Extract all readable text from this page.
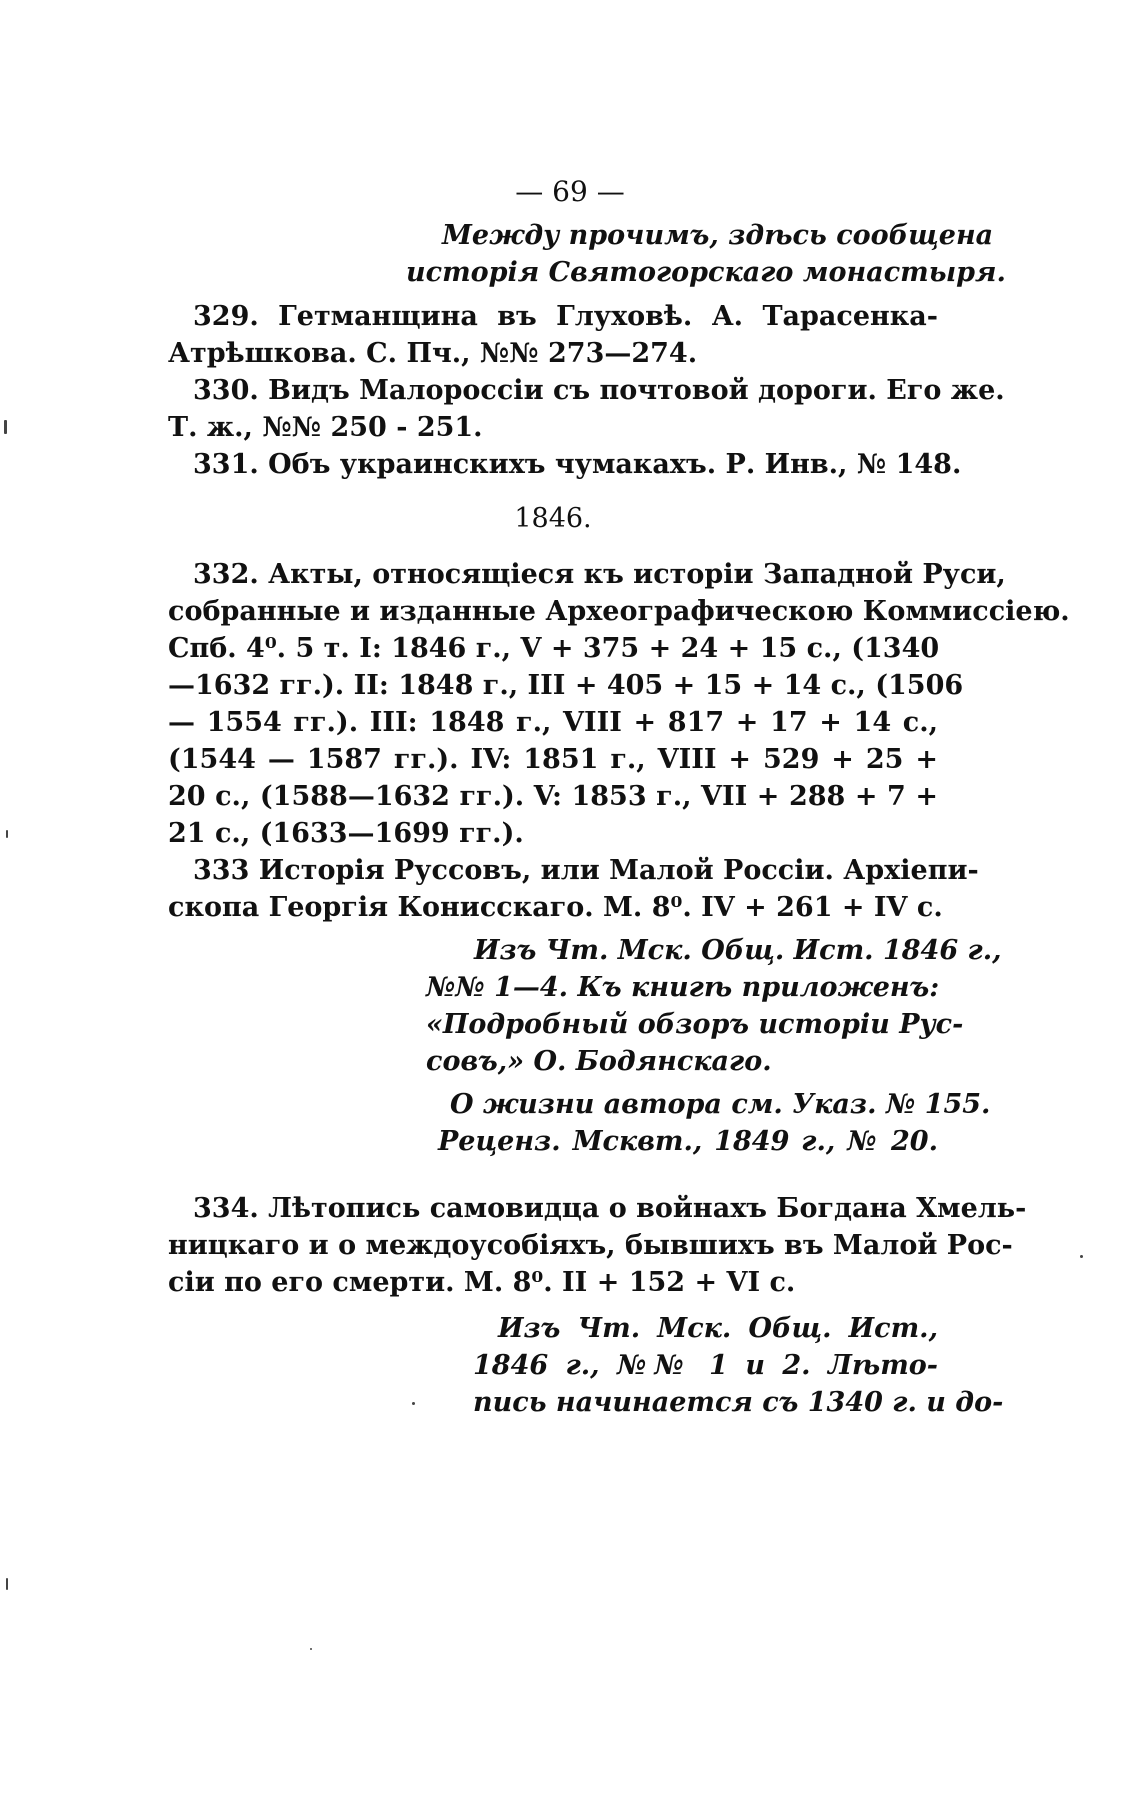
— 69 —
Между прочимъ, здѣсь сообщена
исторія Святогорскаго монастыря.
329. Гетманщина въ Глуховѣ. А. Тарасенка-
Атрѣшкова. С. Пч., №№ 273—274.
330. Видъ Малороссіи съ почтовой дороги. Его же.
Т. ж., №№ 250 - 251.
331. Объ украинскихъ чумакахъ. Р. Инв., № 148.
1846.
332. Акты, относящіеся къ исторіи Западной Руси,
собранные и изданные Археографическою Коммиссіею.
Спб. 4⁰. 5 т. I: 1846 г., V + 375 + 24 + 15 с., (1340
—1632 гг.). II: 1848 г., III + 405 + 15 + 14 с., (1506
— 1554 гг.). III: 1848 г., VIII + 817 + 17 + 14 с.,
(1544 — 1587 гг.). IV: 1851 г., VIII + 529 + 25 +
20 с., (1588—1632 гг.). V: 1853 г., VII + 288 + 7 +
21 с., (1633—1699 гг.).
333 Исторія Руссовъ, или Малой Россіи. Архіепи-
скопа Георгія Конисскаго. М. 8⁰. IV + 261 + IV с.
Изъ Чт. Мск. Общ. Ист. 1846 г.,
№№ 1—4. Къ книгѣ приложенъ:
«Подробный обзоръ исторіи Рус-
совъ,» О. Бодянскаго.
О жизни автора см. Указ. № 155.
Реценз. Мсквт., 1849 г., № 20.
334. Лѣтопись самовидца о войнахъ Богдана Хмель-
ницкаго и о междоусобіяхъ, бывшихъ въ Малой Рос-
сіи по его смерти. М. 8⁰. II + 152 + VI с.
Изъ Чт. Мск. Общ. Ист.,
1846 г., №№ 1 и 2. Лѣто-
пись начинается съ 1340 г. и до-
